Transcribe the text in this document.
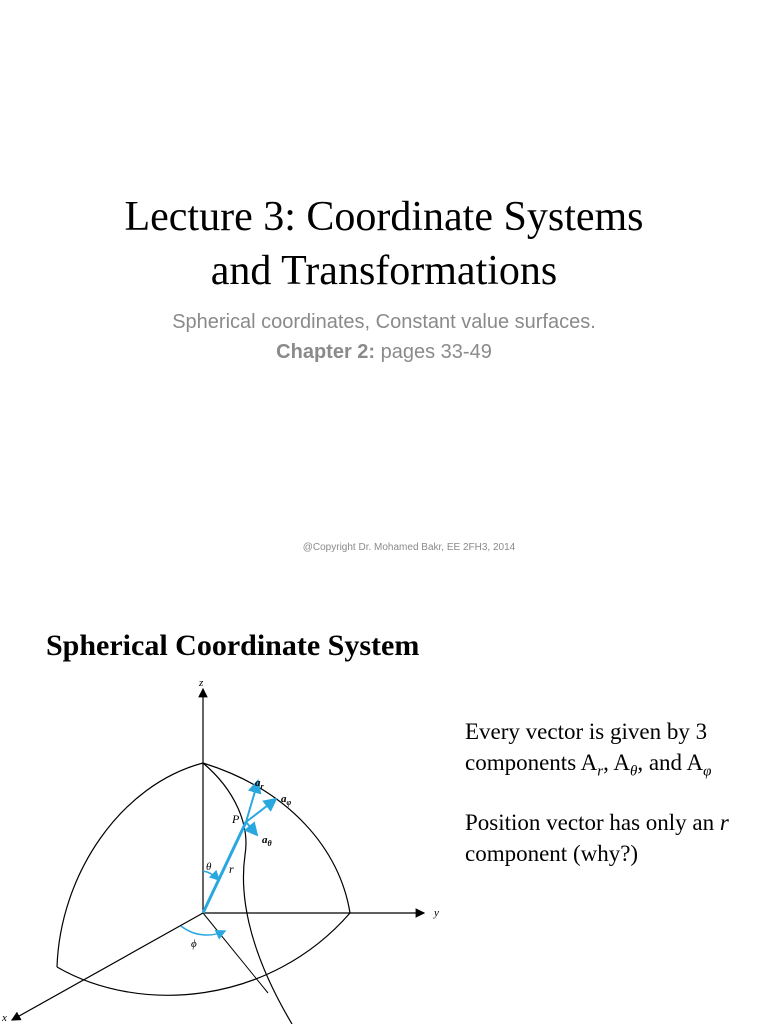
Lecture 3: Coordinate Systems
and Transformations
Spherical coordinates, Constant value surfaces.
Chapter 2: pages 33-49
@Copyright Dr. Mohamed Bakr, EE 2FH3, 2014
Spherical Coordinate System
z
y
x
P
r
θ
ϕ
$a_r$
$a_\varphi$
$a_\theta$

Every vector is given by 3 components $A_r$, $A_\theta$, and $A_\varphi$

Position vector has only an r component (why?)
